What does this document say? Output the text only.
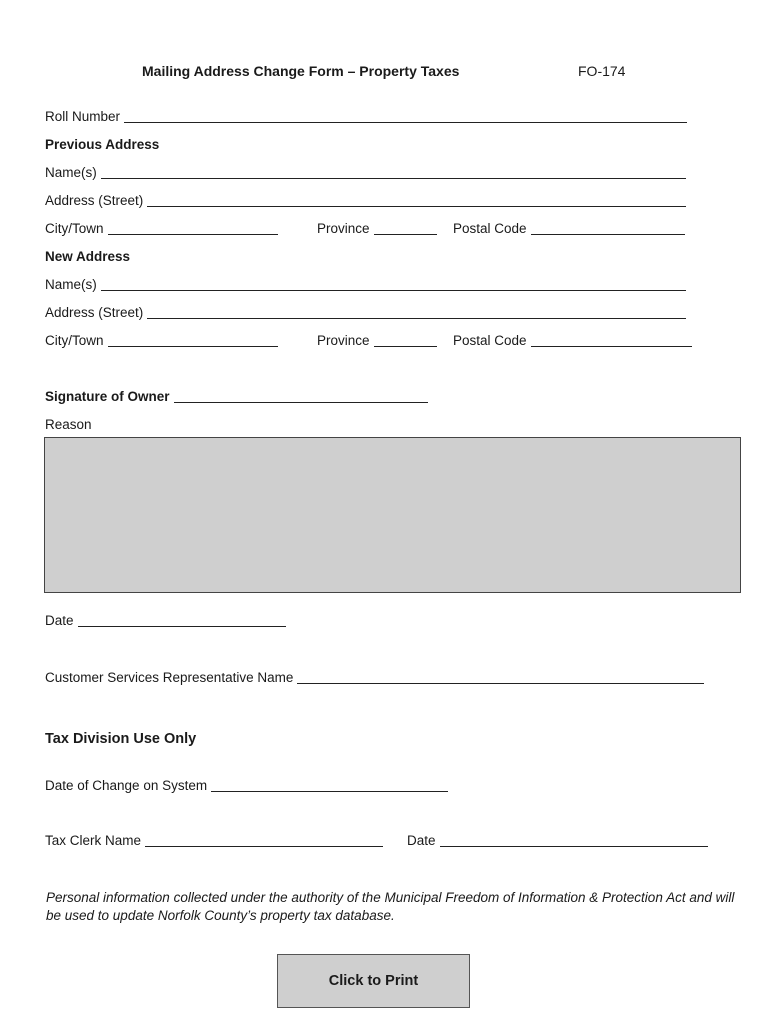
Mailing Address Change Form – Property Taxes	FO-174
Roll Number
Previous Address
Name(s)
Address (Street)
City/Town	Province	Postal Code
New Address
Name(s)
Address (Street)
City/Town	Province	Postal Code
Signature of Owner
Reason
Date
Customer Services Representative Name
Tax Division Use Only
Date of Change on System
Tax Clerk Name	Date
Personal information collected under the authority of the Municipal Freedom of Information & Protection Act and will be used to update Norfolk County’s property tax database.
Click to Print
